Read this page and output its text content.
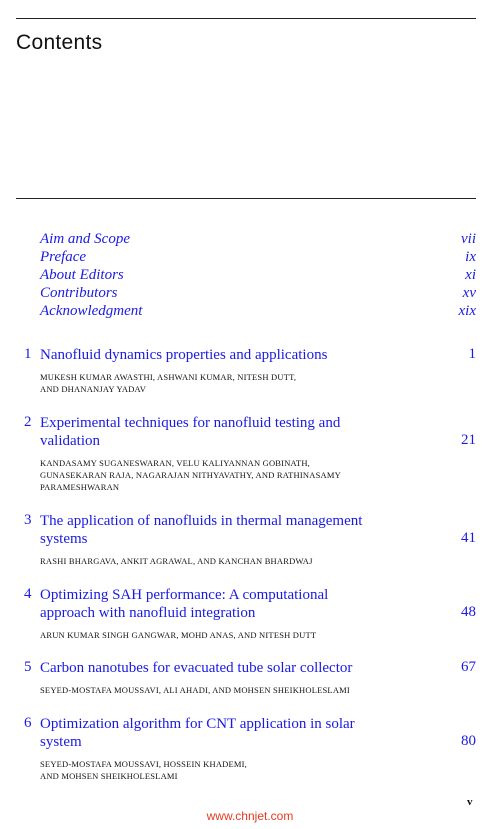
Contents
Aim and Scope	vii
Preface	ix
About Editors	xi
Contributors	xv
Acknowledgment	xix
1 Nanofluid dynamics properties and applications	1
MUKESH KUMAR AWASTHI, ASHWANI KUMAR, NITESH DUTT,
AND DHANANJAY YADAV
2 Experimental techniques for nanofluid testing and validation	21
KANDASAMY SUGANESWARAN, VELU KALIYANNAN GOBINATH,
GUNASEKARAN RAJA, NAGARAJAN NITHYAVATHY, AND RATHINASAMY
PARAMESHWARAN
3 The application of nanofluids in thermal management systems	41
RASHI BHARGAVA, ANKIT AGRAWAL, AND KANCHAN BHARDWAJ
4 Optimizing SAH performance: A computational approach with nanofluid integration	48
ARUN KUMAR SINGH GANGWAR, MOHD ANAS, AND NITESH DUTT
5 Carbon nanotubes for evacuated tube solar collector	67
SEYED-MOSTAFA MOUSSAVI, ALI AHADI, AND MOHSEN SHEIKHOLESLAMI
6 Optimization algorithm for CNT application in solar system	80
SEYED-MOSTAFA MOUSSAVI, HOSSEIN KHADEMI,
AND MOHSEN SHEIKHOLESLAMI
v
www.chnjet.com
